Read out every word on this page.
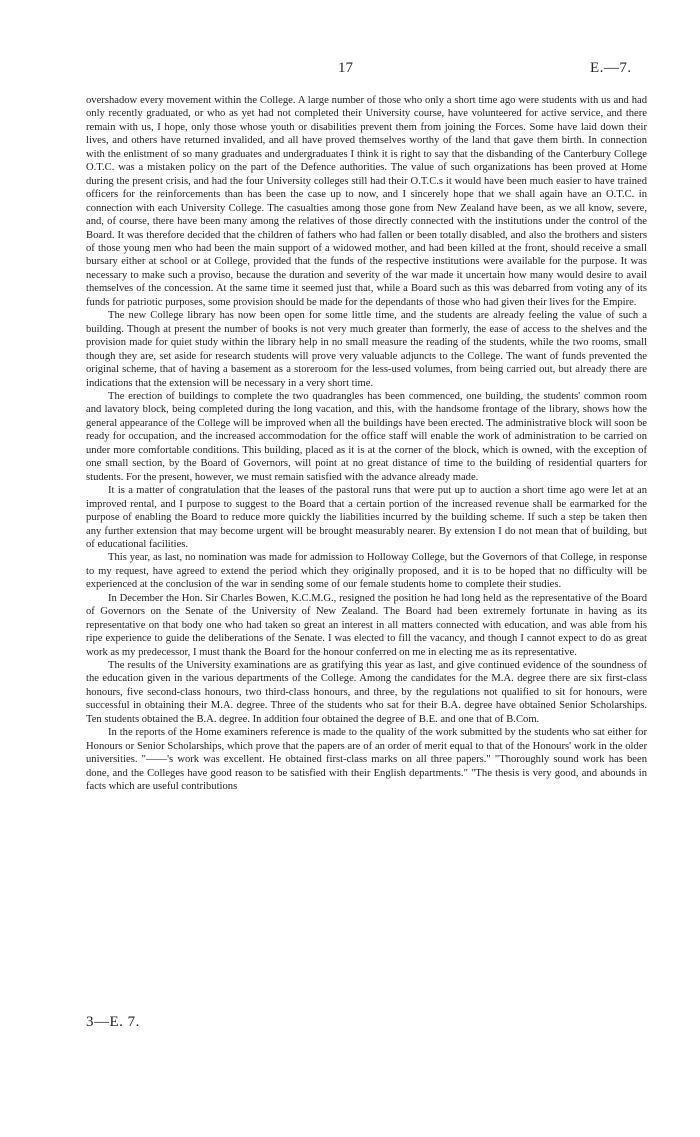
17	E.—7.

overshadow every movement within the College. A large number of those who only a short time ago were students with us and had only recently graduated, or who as yet had not completed their University course, have volunteered for active service, and there remain with us, I hope, only those whose youth or disabilities prevent them from joining the Forces. Some have laid down their lives, and others have returned invalided, and all have proved themselves worthy of the land that gave them birth. In connection with the enlistment of so many graduates and undergraduates I think it is right to say that the disbanding of the Canterbury College O.T.C. was a mistaken policy on the part of the Defence authorities. The value of such organizations has been proved at Home during the present crisis, and had the four University colleges still had their O.T.C.s it would have been much easier to have trained officers for the reinforcements than has been the case up to now, and I sincerely hope that we shall again have an O.T.C. in connection with each University College. The casualties among those gone from New Zealand have been, as we all know, severe, and, of course, there have been many among the relatives of those directly connected with the institutions under the control of the Board. It was therefore decided that the children of fathers who had fallen or been totally disabled, and also the brothers and sisters of those young men who had been the main support of a widowed mother, and had been killed at the front, should receive a small bursary either at school or at College, provided that the funds of the respective institutions were available for the purpose. It was necessary to make such a proviso, because the duration and severity of the war made it uncertain how many would desire to avail themselves of the concession. At the same time it seemed just that, while a Board such as this was debarred from voting any of its funds for patriotic purposes, some provision should be made for the dependants of those who had given their lives for the Empire.

The new College library has now been open for some little time, and the students are already feeling the value of such a building. Though at present the number of books is not very much greater than formerly, the ease of access to the shelves and the provision made for quiet study within the library help in no small measure the reading of the students, while the two rooms, small though they are, set aside for research students will prove very valuable adjuncts to the College. The want of funds prevented the original scheme, that of having a basement as a storeroom for the less-used volumes, from being carried out, but already there are indications that the extension will be necessary in a very short time.

The erection of buildings to complete the two quadrangles has been commenced, one building, the students' common room and lavatory block, being completed during the long vacation, and this, with the handsome frontage of the library, shows how the general appearance of the College will be improved when all the buildings have been erected. The administrative block will soon be ready for occupation, and the increased accommodation for the office staff will enable the work of administration to be carried on under more comfortable conditions. This building, placed as it is at the corner of the block, which is owned, with the exception of one small section, by the Board of Governors, will point at no great distance of time to the building of residential quarters for students. For the present, however, we must remain satisfied with the advance already made.

It is a matter of congratulation that the leases of the pastoral runs that were put up to auction a short time ago were let at an improved rental, and I purpose to suggest to the Board that a certain portion of the increased revenue shall be earmarked for the purpose of enabling the Board to reduce more quickly the liabilities incurred by the building scheme. If such a step be taken then any further extension that may become urgent will be brought measurably nearer. By extension I do not mean that of building, but of educational facilities.

This year, as last, no nomination was made for admission to Holloway College, but the Governors of that College, in response to my request, have agreed to extend the period which they originally proposed, and it is to be hoped that no difficulty will be experienced at the conclusion of the war in sending some of our female students home to complete their studies.

In December the Hon. Sir Charles Bowen, K.C.M.G., resigned the position he had long held as the representative of the Board of Governors on the Senate of the University of New Zealand. The Board had been extremely fortunate in having as its representative on that body one who had taken so great an interest in all matters connected with education, and was able from his ripe experience to guide the deliberations of the Senate. I was elected to fill the vacancy, and though I cannot expect to do as great work as my predecessor, I must thank the Board for the honour conferred on me in electing me as its representative.

The results of the University examinations are as gratifying this year as last, and give continued evidence of the soundness of the education given in the various departments of the College. Among the candidates for the M.A. degree there are six first-class honours, five second-class honours, two third-class honours, and three, by the regulations not qualified to sit for honours, were successful in obtaining their M.A. degree. Three of the students who sat for their B.A. degree have obtained Senior Scholarships. Ten students obtained the B.A. degree. In addition four obtained the degree of B.E. and one that of B.Com.

In the reports of the Home examiners reference is made to the quality of the work submitted by the students who sat either for Honours or Senior Scholarships, which prove that the papers are of an order of merit equal to that of the Honours' work in the older universities. "——'s work was excellent. He obtained first-class marks on all three papers." "Thoroughly sound work has been done, and the Colleges have good reason to be satisfied with their English departments." "The thesis is very good, and abounds in facts which are useful contributions

3—E. 7.
